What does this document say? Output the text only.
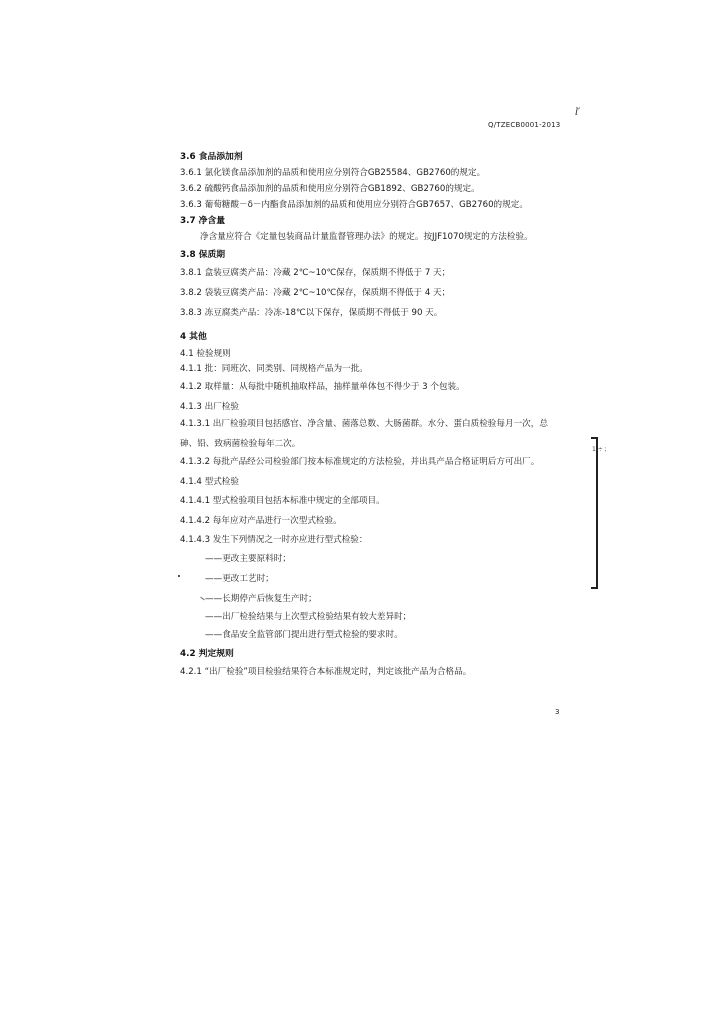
ľ
Q/TZECB0001-2013
3.6 食品添加剂
3.6.1 氯化镁食品添加剂的品质和使用应分别符合GB25584、GB2760的规定。
3.6.2 硫酸钙食品添加剂的品质和使用应分别符合GB1892、GB2760的规定。
3.6.3 葡萄糖酸－δ－内酯食品添加剂的品质和使用应分别符合GB7657、GB2760的规定。
3.7 净含量
净含量应符合《定量包装商品计量监督管理办法》的规定。按JJF1070规定的方法检验。
3.8 保质期
3.8.1 盒装豆腐类产品：冷藏 2℃~10℃保存，保质期不得低于 7 天；
3.8.2 袋装豆腐类产品：冷藏 2℃~10℃保存，保质期不得低于 4 天；
3.8.3 冻豆腐类产品：冷冻-18℃以下保存，保质期不得低于 90 天。
4 其他
4.1 检验规则
4.1.1 批：同班次、同类别、同规格产品为一批。
4.1.2 取样量：从每批中随机抽取样品，抽样量单体包不得少于 3 个包装。
4.1.3 出厂检验
4.1.3.1 出厂检验项目包括感官、净含量、菌落总数、大肠菌群。水分、蛋白质检验每月一次，总
砷、铅、致病菌检验每年二次。
4.1.3.2 每批产品经公司检验部门按本标准规定的方法检验，并出具产品合格证明后方可出厂。
4.1.4 型式检验
4.1.4.1 型式检验项目包括本标准中规定的全部项目。
4.1.4.2 每年应对产品进行一次型式检验。
4.1.4.3 发生下列情况之一时亦应进行型式检验：
——更改主要原料时；
——更改工艺时；
——长期停产后恢复生产时；
——出厂检验结果与上次型式检验结果有较大差异时；
——食品安全监管部门提出进行型式检验的要求时。
4.2 判定规则
4.2.1 “出厂检验”项目检验结果符合本标准规定时，判定该批产品为合格品。
1 ÷ ;
3
